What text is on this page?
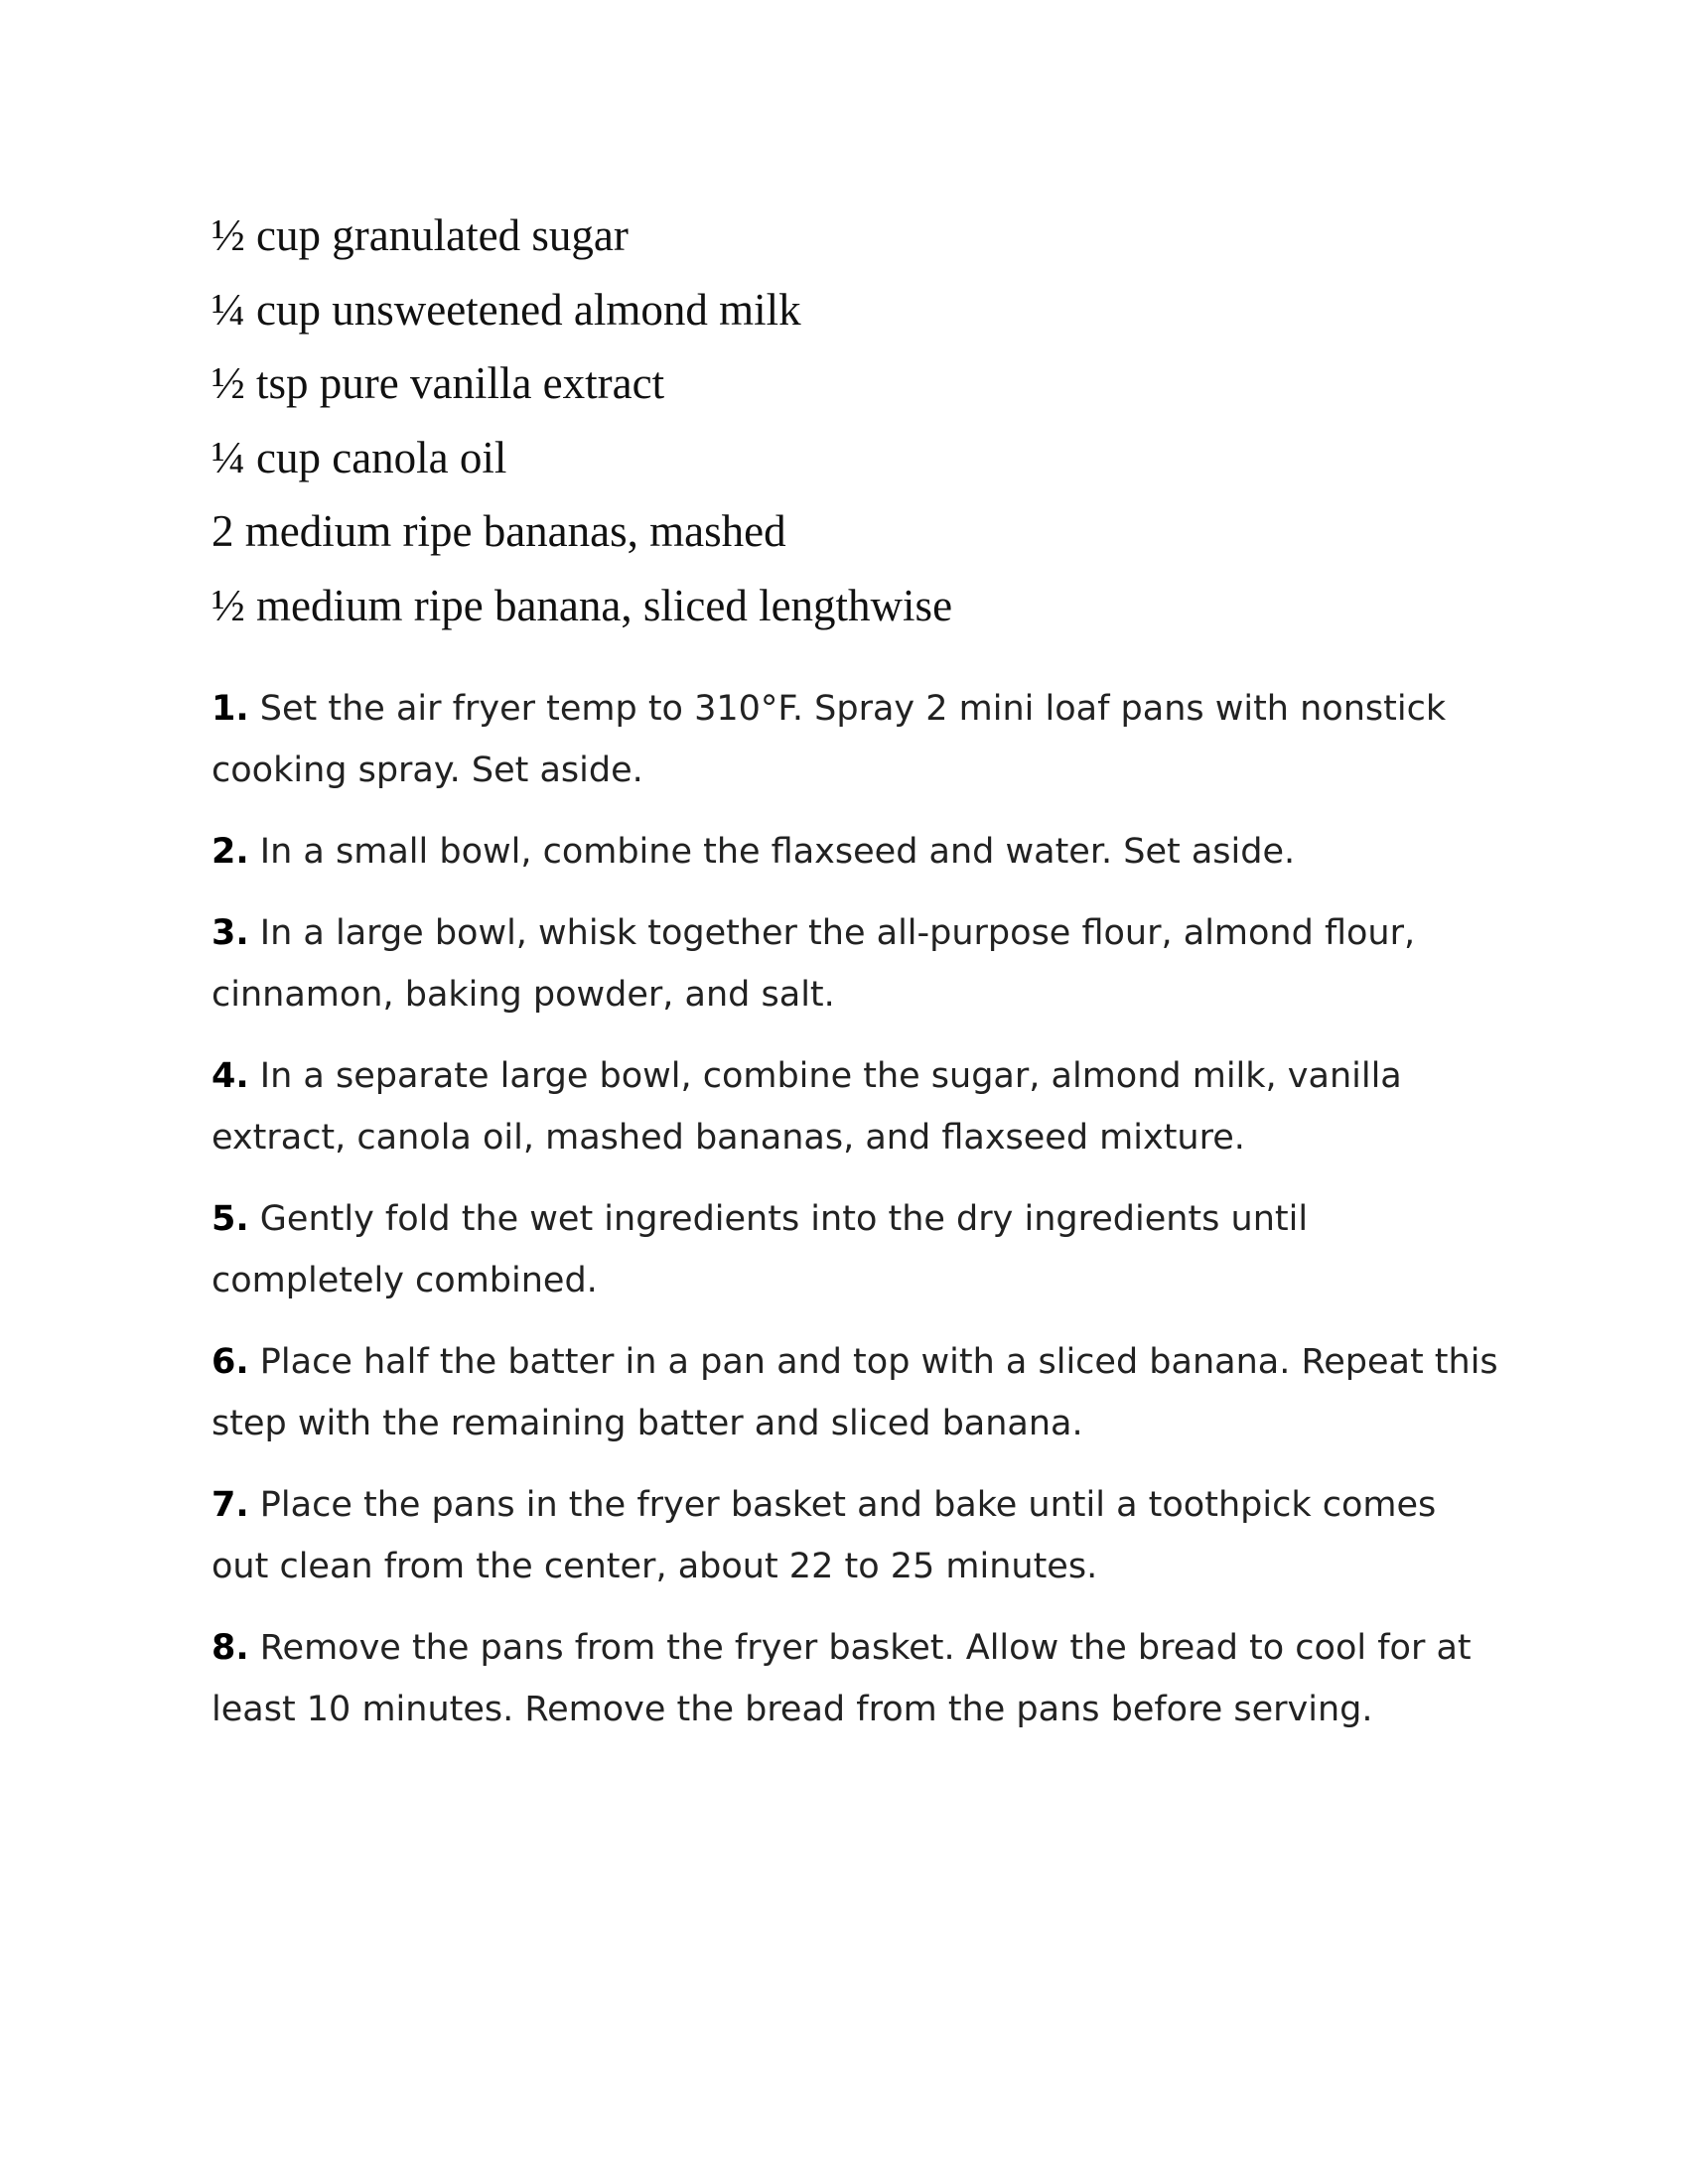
½ cup granulated sugar
¼ cup unsweetened almond milk
½ tsp pure vanilla extract
¼ cup canola oil
2 medium ripe bananas, mashed
½ medium ripe banana, sliced lengthwise
1. Set the air fryer temp to 310°F. Spray 2 mini loaf pans with nonstick cooking spray. Set aside.
2. In a small bowl, combine the flaxseed and water. Set aside.
3. In a large bowl, whisk together the all-purpose flour, almond flour, cinnamon, baking powder, and salt.
4. In a separate large bowl, combine the sugar, almond milk, vanilla extract, canola oil, mashed bananas, and flaxseed mixture.
5. Gently fold the wet ingredients into the dry ingredients until completely combined.
6. Place half the batter in a pan and top with a sliced banana. Repeat this step with the remaining batter and sliced banana.
7. Place the pans in the fryer basket and bake until a toothpick comes out clean from the center, about 22 to 25 minutes.
8. Remove the pans from the fryer basket. Allow the bread to cool for at least 10 minutes. Remove the bread from the pans before serving.
